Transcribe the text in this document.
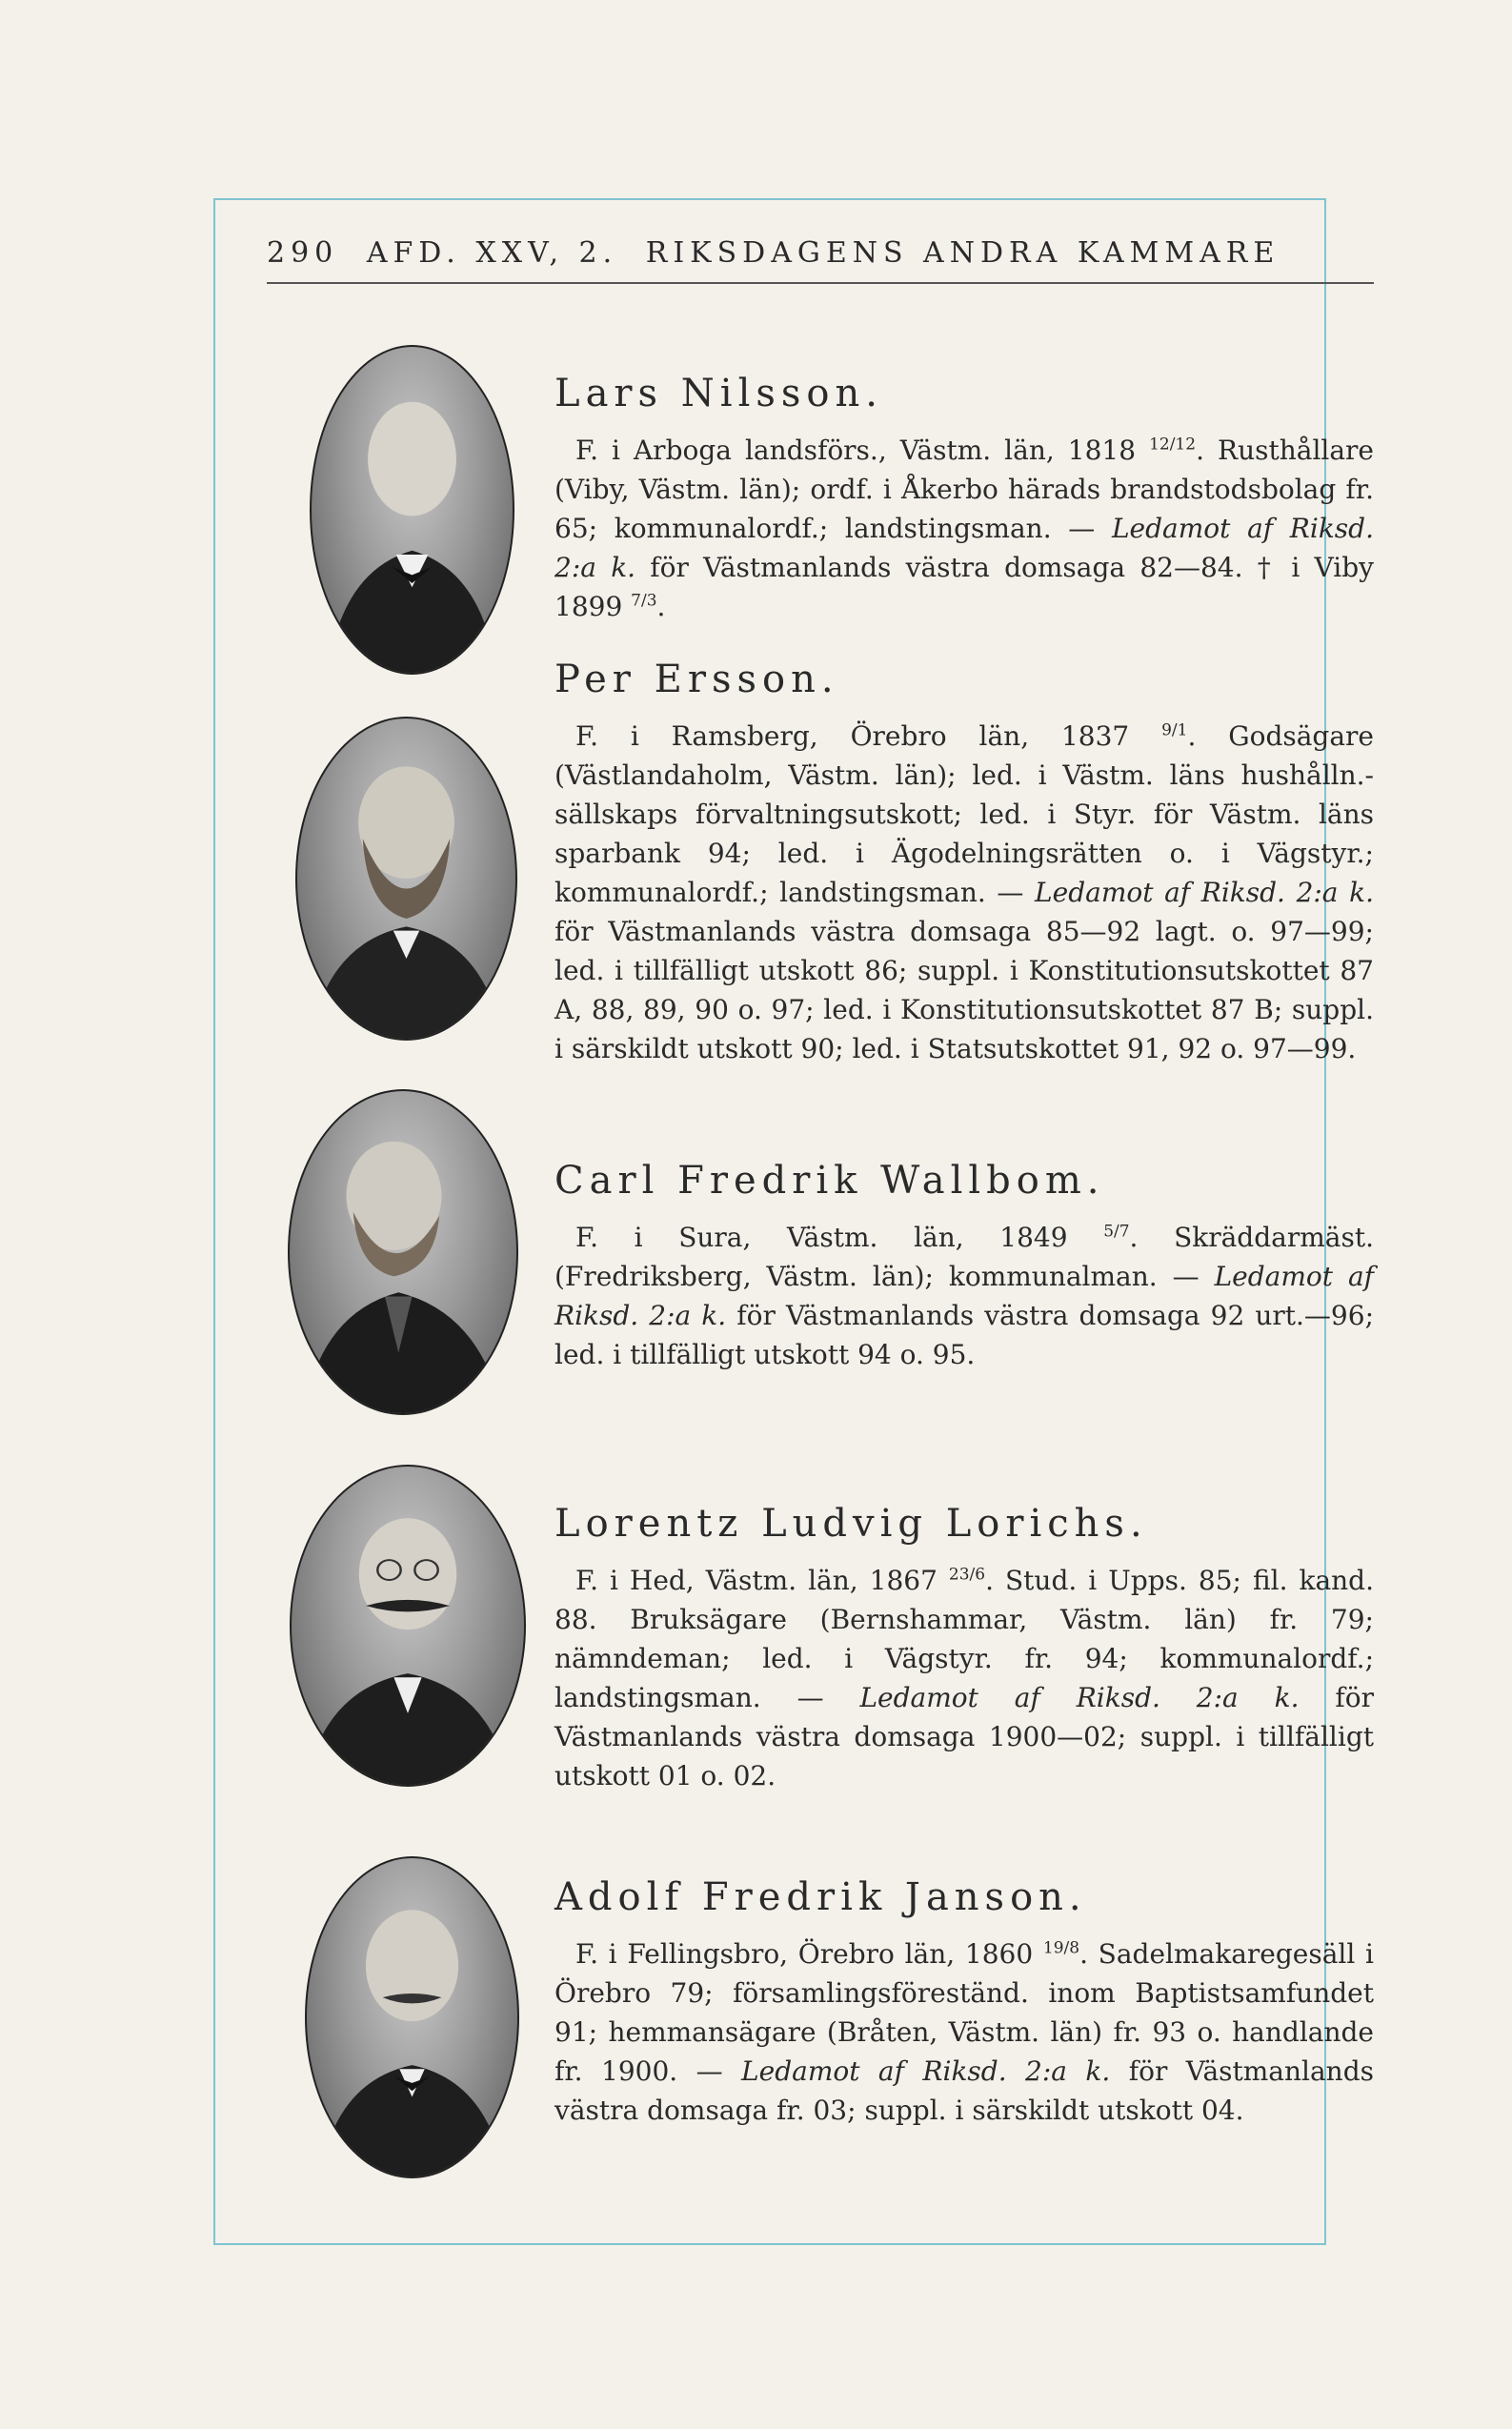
290 AFD. XXV, 2. RIKSDAGENS ANDRA KAMMARE
Lars Nilsson.
F. i Arboga landsförs., Västm. län, 1818 $^{12/12}$. Rusthållare (Viby, Västm. län); ordf. i Åkerbo härads brandstodsbolag fr. 65; kommunalordf.; landstingsman. — Ledamot af Riksd. 2:a k. för Västmanlands västra domsaga 82—84. † i Viby 1899 $^{7/3}$.
Per Ersson.
F. i Ramsberg, Örebro län, 1837 $^{9/1}$. Godsägare (Västlandaholm, Västm. län); led. i Västm. läns hushålln.-sällskaps förvaltningsutskott; led. i Styr. för Västm. läns sparbank 94; led. i Ägodelningsrätten o. i Vägstyr.; kommunalordf.; landstingsman. — Ledamot af Riksd. 2:a k. för Västmanlands västra domsaga 85—92 lagt. o. 97—99; led. i tillfälligt utskott 86; suppl. i Konstitutionsutskottet 87 A, 88, 89, 90 o. 97; led. i Konstitutionsutskottet 87 B; suppl. i särskildt utskott 90; led. i Statsutskottet 91, 92 o. 97—99.
Carl Fredrik Wallbom.
F. i Sura, Västm. län, 1849 $^{5/7}$. Skräddarmäst. (Fredriksberg, Västm. län); kommunalman. — Ledamot af Riksd. 2:a k. för Västmanlands västra domsaga 92 urt.—96; led. i tillfälligt utskott 94 o. 95.
Lorentz Ludvig Lorichs.
F. i Hed, Västm. län, 1867 $^{23/6}$. Stud. i Upps. 85; fil. kand. 88. Bruksägare (Bernshammar, Västm. län) fr. 79; nämndeman; led. i Vägstyr. fr. 94; kommunalordf.; landstingsman. — Ledamot af Riksd. 2:a k. för Västmanlands västra domsaga 1900—02; suppl. i tillfälligt utskott 01 o. 02.
Adolf Fredrik Janson.
F. i Fellingsbro, Örebro län, 1860 $^{19/8}$. Sadelmakaregesäll i Örebro 79; församlingsföreständ. inom Baptistsamfundet 91; hemmansägare (Bråten, Västm. län) fr. 93 o. handlande fr. 1900. — Ledamot af Riksd. 2:a k. för Västmanlands västra domsaga fr. 03; suppl. i särskildt utskott 04.
